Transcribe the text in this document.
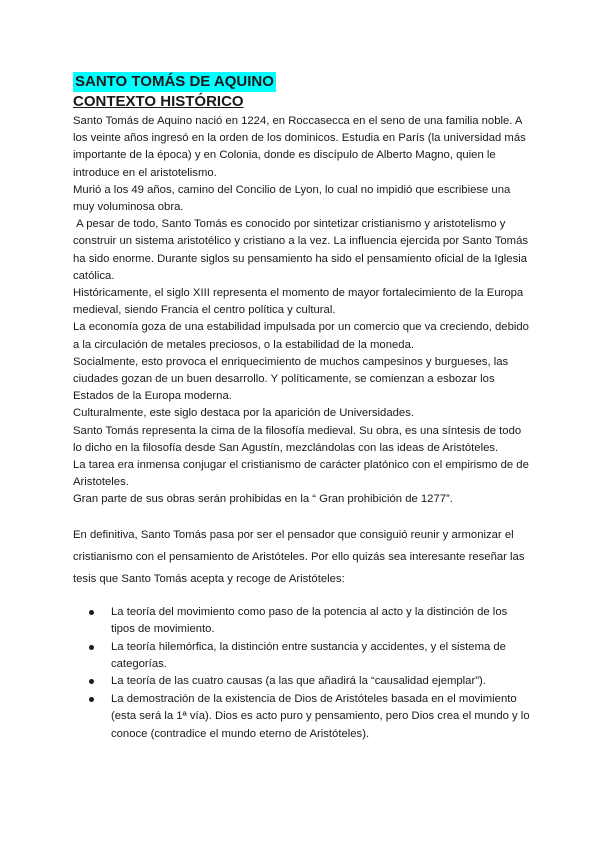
SANTO TOMÁS DE AQUINO
CONTEXTO HISTÓRICO

Santo Tomás de Aquino nació en 1224, en Roccasecca en el seno de una familia noble. A los veinte años ingresó en la orden de los dominicos. Estudia en París (la universidad más importante de la época) y en Colonia, donde es discípulo de Alberto Magno, quien le introduce en el aristotelismo.

Murió a los 49 años, camino del Concilio de Lyon, lo cual no impidió que escribiese una muy voluminosa obra.

A pesar de todo, Santo Tomás es conocido por sintetizar cristianismo y aristotelismo y construir un sistema aristotélico y cristiano a la vez. La influencia ejercida por Santo Tomás ha sido enorme. Durante siglos su pensamiento ha sido el pensamiento oficial de la Iglesia católica.

Históricamente, el siglo XIII representa el momento de mayor fortalecimiento de la Europa medieval, siendo Francia el centro política y cultural.

La economía goza de una estabilidad impulsada por un comercio que va creciendo, debido a la circulación de metales preciosos, o la estabilidad de la moneda.

Socialmente, esto provoca el enriquecimiento de muchos campesinos y burgueses, las ciudades gozan de un buen desarrollo. Y políticamente, se comienzan a esbozar los Estados de la Europa moderna.

Culturalmente, este siglo destaca por la aparición de Universidades.

Santo Tomás representa la cima de la filosofía medieval. Su obra, es una síntesis de todo lo dicho en la filosofía desde San Agustín, mezclándolas con las ideas de Aristóteles.

La tarea era inmensa conjugar el cristianismo de carácter platónico con el empirismo de de Aristoteles.

Gran parte de sus obras serán prohibidas en la “ Gran prohibición de 1277”.

En definitiva, Santo Tomás pasa por ser el pensador que consiguió reunir y armonizar el cristianismo con el pensamiento de Aristóteles. Por ello quizás sea interesante reseñar las tesis que Santo Tomás acepta y recoge de Aristóteles:

La teoría del movimiento como paso de la potencia al acto y la distinción de los tipos de movimiento.
La teoría hilemórfica, la distinción entre sustancia y accidentes, y el sistema de categorías.
La teoría de las cuatro causas (a las que añadirá la “causalidad ejemplar”).
La demostración de la existencia de Dios de Aristóteles basada en el movimiento (esta será la 1ª vía). Dios es acto puro y pensamiento, pero Dios crea el mundo y lo conoce (contradice el mundo eterno de Aristóteles).
